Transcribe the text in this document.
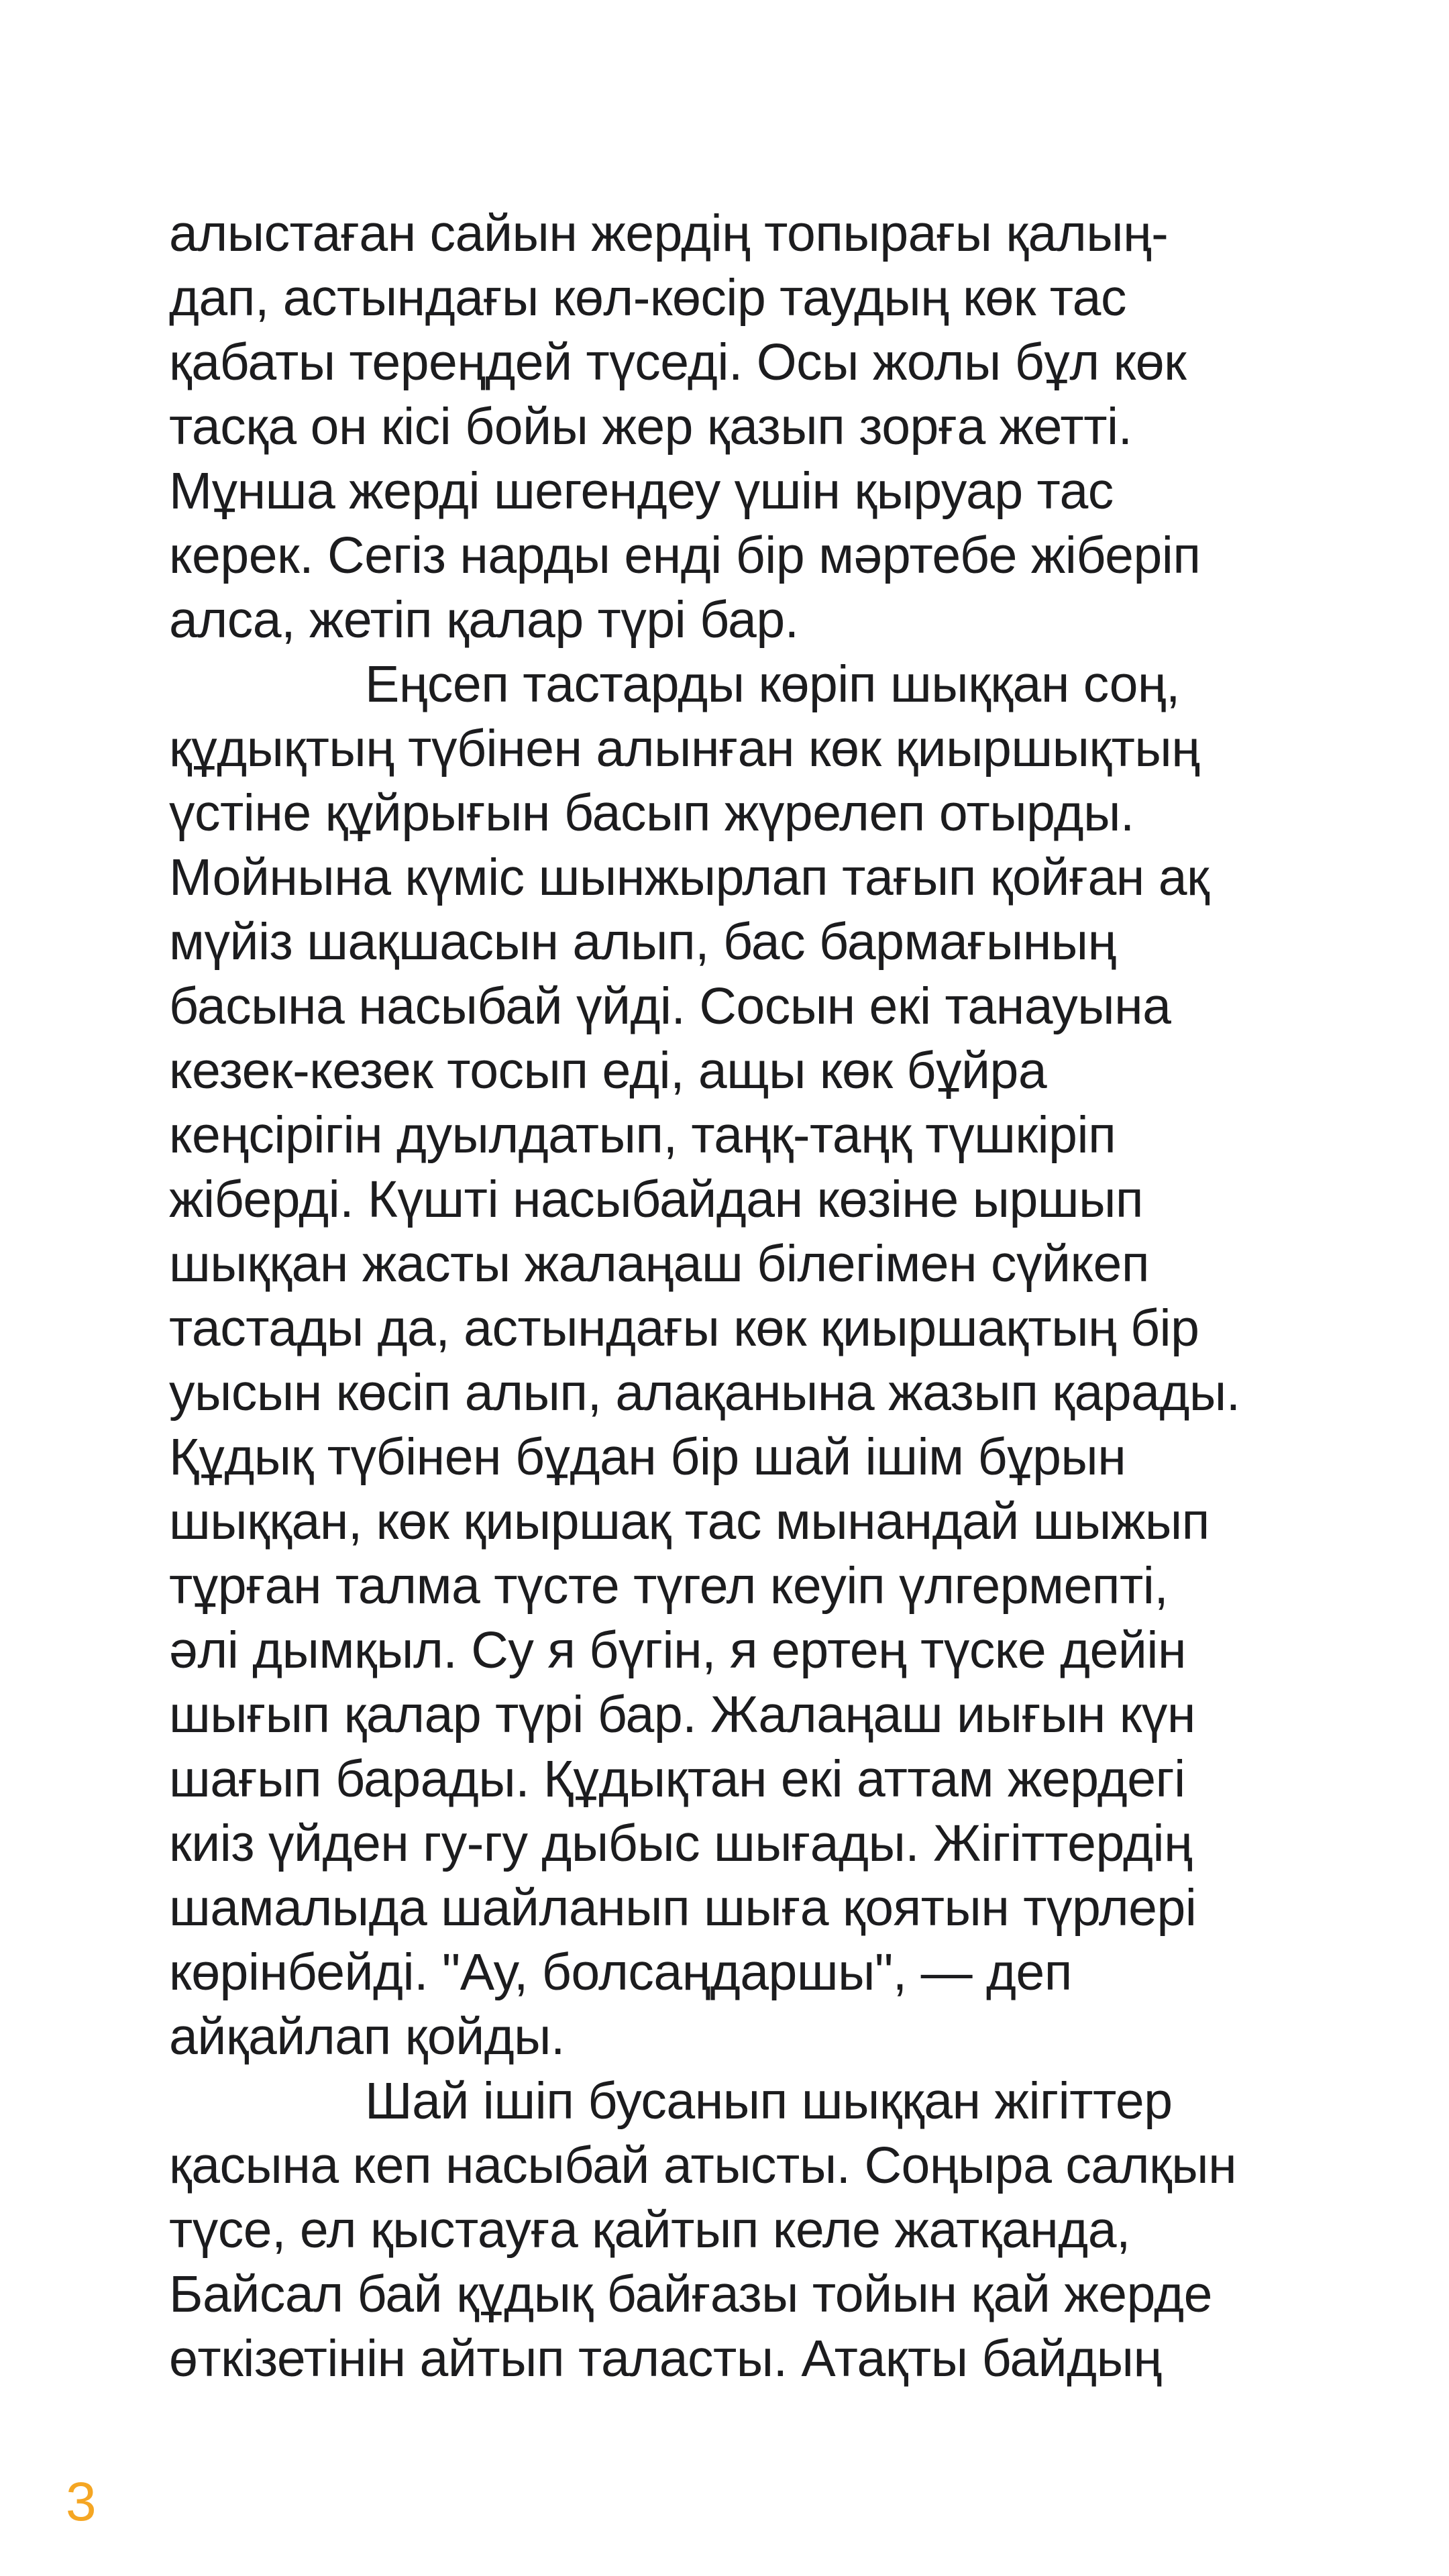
алыстаған сайын жердің топырағы қалың-
дап, астындағы көл-көсір таудың көк тас
қабаты тереңдей түседі. Осы жолы бұл көк
тасқа он кісі бойы жер қазып зорға жетті.
Мұнша жерді шегендеу үшін қыруар тас
керек. Сегіз нарды енді бір мәртебе жіберіп
алса, жетіп қалар түрі бар.

Еңсеп тастарды көріп шыққан соң,
құдықтың түбінен алынған көк қиыршықтың
үстіне құйрығын басып жүрелеп отырды.
Мойнына күміс шынжырлап тағып қойған ақ
мүйіз шақшасын алып, бас бармағының
басына насыбай үйді. Сосын екі танауына
кезек-кезек тосып еді, ащы көк бұйра
кеңсірігін дуылдатып, таңқ-таңқ түшкіріп
жіберді. Күшті насыбайдан көзіне ыршып
шыққан жасты жалаңаш білегімен сүйкеп
тастады да, астындағы көк қиыршақтың бір
уысын көсіп алып, алақанына жазып қарады.
Құдық түбінен бұдан бір шай ішім бұрын
шыққан, көк қиыршақ тас мынандай шыжып
тұрған талма түсте түгел кеуіп үлгермепті,
әлі дымқыл. Су я бүгін, я ертең түске дейін
шығып қалар түрі бар. Жалаңаш иығын күн
шағып барады. Құдықтан екі аттам жердегі
киіз үйден гу-гу дыбыс шығады. Жігіттердің
шамалыда шайланып шыға қоятын түрлері
көрінбейді. "Ау, болсаңдаршы", — деп
айқайлап қойды.

Шай ішіп бусанып шыққан жігіттер
қасына кеп насыбай атысты. Соңыра салқын
түсе, ел қыстауға қайтып келе жатқанда,
Байсал бай құдық байғазы тойын қай жерде
өткізетінін айтып таласты. Атақты байдың

3
